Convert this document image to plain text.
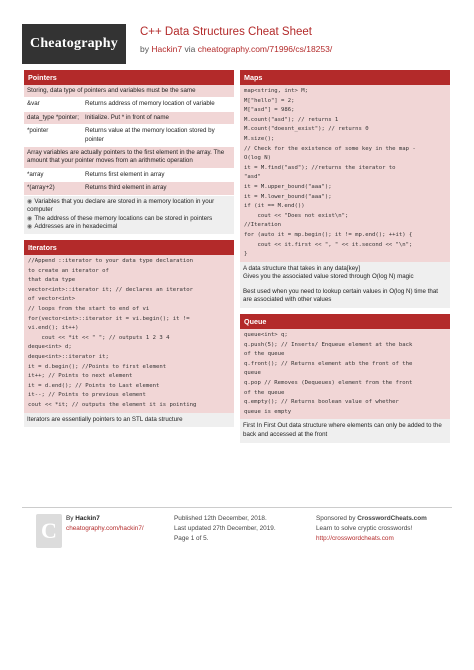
Cheatography
C++ Data Structures Cheat Sheet
by Hackin7 via cheatography.com/71996/cs/18253/
Pointers
Storing, data type of pointers and variables must be the same
&var	Returns address of memory location of variable
data_type *pointer; Initialize. Put * in front of name
*pointer	Returns value at the memory location stored by pointer
Array variables are actually pointers to the first element in the array. The amount that your pointer moves from an arithmetic operation
*array	Returns first element in array
*(array+2)	Returns third element in array
◉ Variables that you declare are stored in a memory location in your computer
◉ The address of these memory locations can be stored in pointers
◉ Addresses are in hexadecimal
Iterators
//Append ::iterator to your data type declaration
to create an iterator of
that data type
vector<int>::iterator it; // declares an iterator
of vector<int>
// loops from the start to end of vi
for(vector<int>::iterator it = vi.begin(); it !=
vi.end(); it++)
cout << *it << " "; // outputs 1 2 3 4
deque<int> d;
deque<int>::iterator it;
it = d.begin(); //Points to first element
it++; // Points to next element
it = d.end(); // Points to Last element
it--; // Points to previous element
cout << *it; // outputs the element it is pointing
Iterators are essentially pointers to an STL data structure
Maps
map<string, int> M;
M["hello"] = 2;
M["asd"] = 986;
M.count("asd"); // returns 1
M.count("doesnt_exist"); // returns 0
M.size();
// Check for the existence of some key in the map -
O(log N)
it = M.find("asd"); //returns the iterator to
"asd"
it = M.upper_bound("aaa");
it = M.lower_bound("aaa");
if (it == M.end())
cout << "Does not exist\n";
//Iteration
for (auto it = mp.begin(); it != mp.end(); ++it) {
cout << it.first << ", " << it.second << "\n";
}
A data structure that takes in any data[key]
Gives you the associated value stored through O(log N) magic
Best used when you need to lookup certain values in O(log N) time that are associated with other values
Queue
queue<int> q;
q.push(5); // Inserts/ Enqueue element at the back
of the queue
q.front(); // Returns element atb the front of the
queue
q.pop // Removes (Dequeues) element from the front
of the queue
q.empty(); // Returns boolean value of whether
queue is empty
First In First Out data structure where elements can only be added to the back and accessed at the front
C	By Hackin7
cheatography.com/hackin7/
Published 12th December, 2018.
Last updated 27th December, 2019.
Page 1 of 5.
Sponsored by CrosswordCheats.com
Learn to solve cryptic crosswords!
http://crosswordcheats.com
